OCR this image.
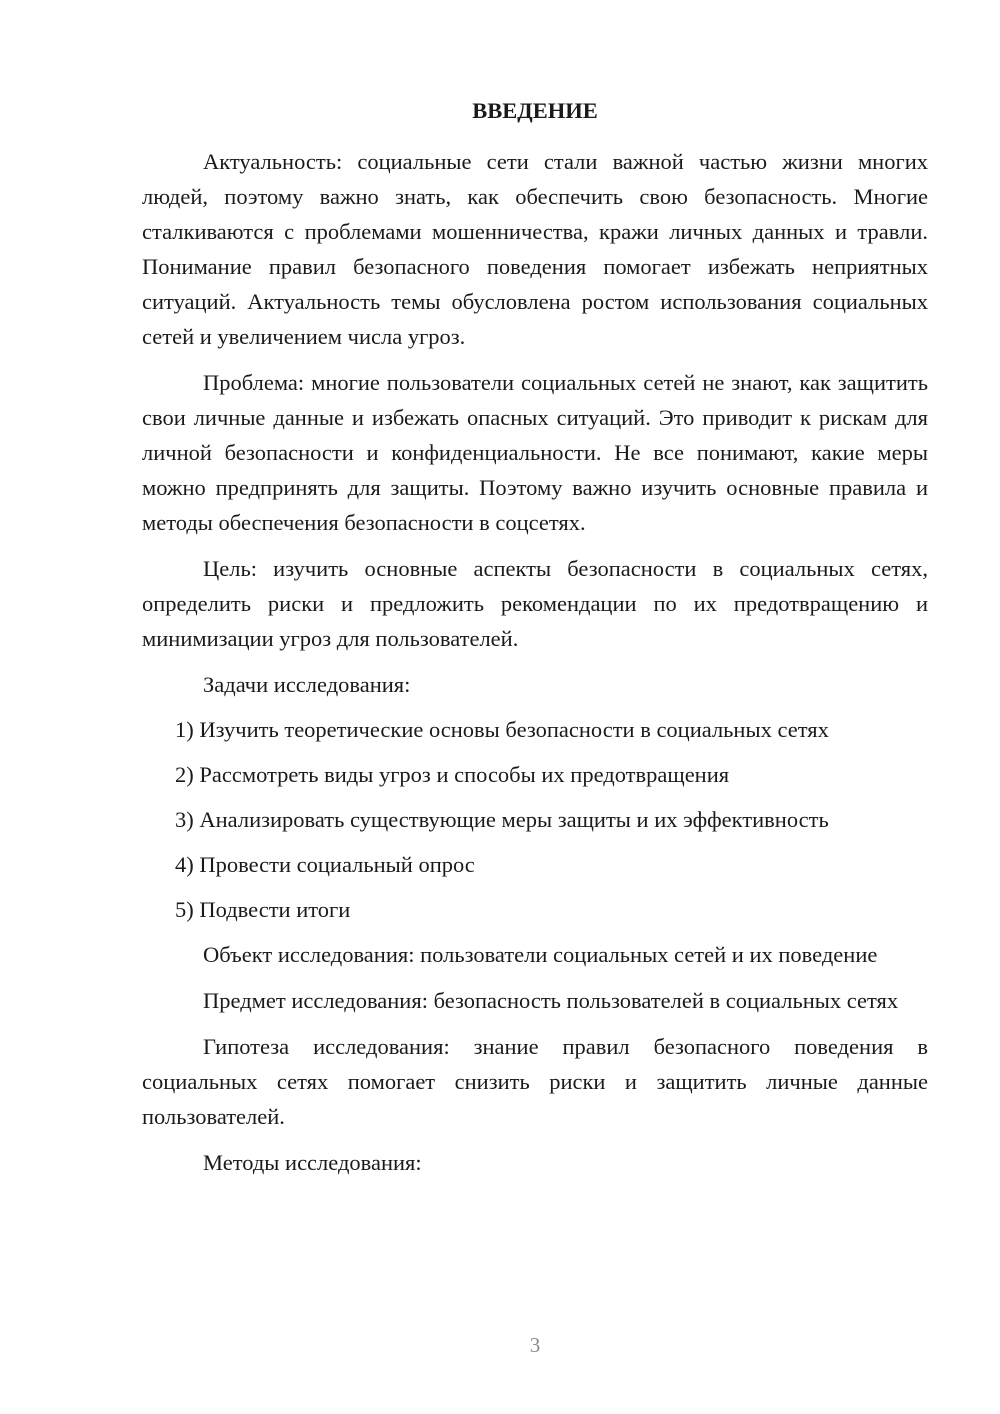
ВВЕДЕНИЕ

Актуальность: социальные сети стали важной частью жизни многих людей, поэтому важно знать, как обеспечить свою безопасность. Многие сталкиваются с проблемами мошенничества, кражи личных данных и травли. Понимание правил безопасного поведения помогает избежать неприятных ситуаций. Актуальность темы обусловлена ростом использования социальных сетей и увеличением числа угроз.

Проблема: многие пользователи социальных сетей не знают, как защитить свои личные данные и избежать опасных ситуаций. Это приводит к рискам для личной безопасности и конфиденциальности. Не все понимают, какие меры можно предпринять для защиты. Поэтому важно изучить основные правила и методы обеспечения безопасности в соцсетях.

Цель: изучить основные аспекты безопасности в социальных сетях, определить риски и предложить рекомендации по их предотвращению и минимизации угроз для пользователей.

Задачи исследования:

1) Изучить теоретические основы безопасности в социальных сетях

2) Рассмотреть виды угроз и способы их предотвращения

3) Анализировать существующие меры защиты и их эффективность

4) Провести социальный опрос

5) Подвести итоги

Объект исследования: пользователи социальных сетей и их поведение

Предмет исследования: безопасность пользователей в социальных сетях

Гипотеза исследования: знание правил безопасного поведения в социальных сетях помогает снизить риски и защитить личные данные пользователей.

Методы исследования:

3
